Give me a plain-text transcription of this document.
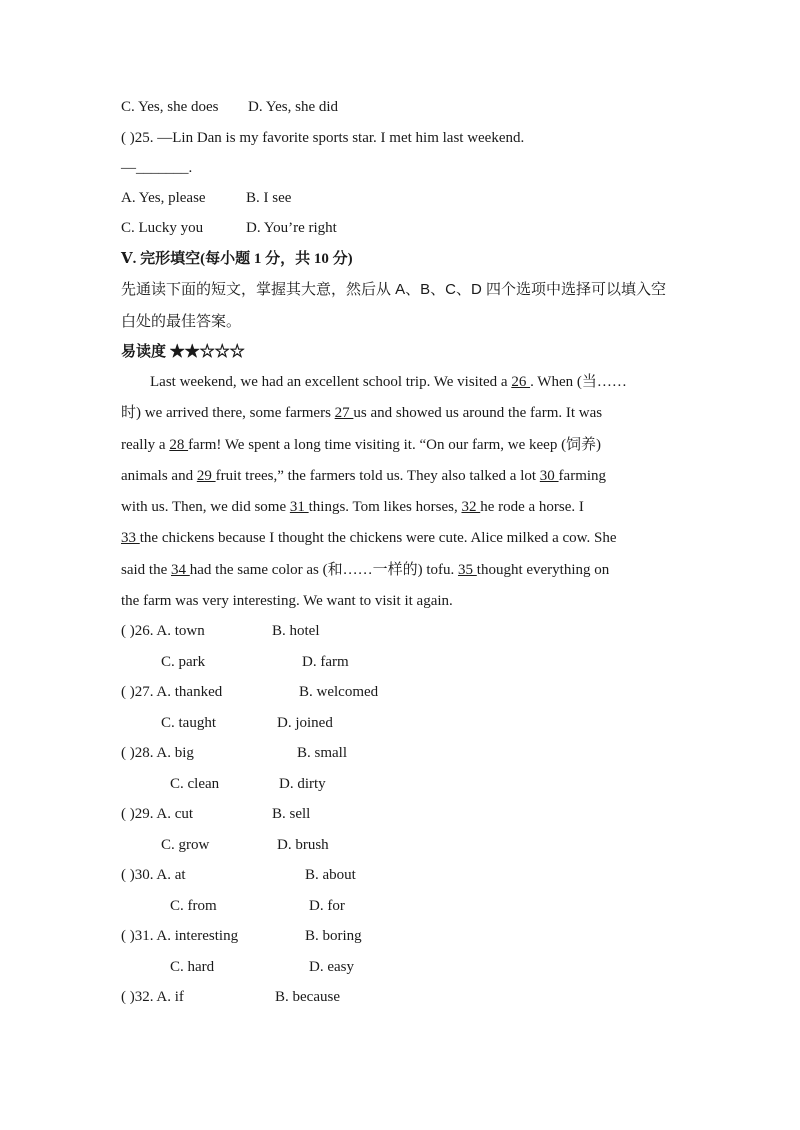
C. Yes, she does D. Yes, she did
( )25. —Lin Dan is my favorite sports star. I met him last weekend.
—_______.
A. Yes, please	B. I see
C. Lucky you	D. You’re right
Ⅴ. 完形填空(每小题 1 分，共 10 分)
先通读下面的短文，掌握其大意，然后从 A、B、C、D 四个选项中选择可以填入空
白处的最佳答案。
易读度 ★★☆☆☆
Last weekend, we had an excellent school trip. We visited a 26 . When (当……
时) we arrived there, some farmers 27 us and showed us around the farm. It was
really a 28 farm! We spent a long time visiting it. “On our farm, we keep (饲养)
animals and 29 fruit trees,” the farmers told us. They also talked a lot 30 farming
with us. Then, we did some 31 things. Tom likes horses, 32 he rode a horse. I
33 the chickens because I thought the chickens were cute. Alice milked a cow. She
said the 34 had the same color as (和……一样的) tofu. 35 thought everything on
the farm was very interesting. We want to visit it again.
( )26. A. town	B. hotel
C. park	D. farm
( )27. A. thanked	B. welcomed
C. taught	D. joined
( )28. A. big	B. small
C. clean	D. dirty
( )29. A. cut	B. sell
C. grow	D. brush
( )30. A. at	B. about
C. from	D. for
( )31. A. interesting	B. boring
C. hard	D. easy
( )32. A. if	B. because
